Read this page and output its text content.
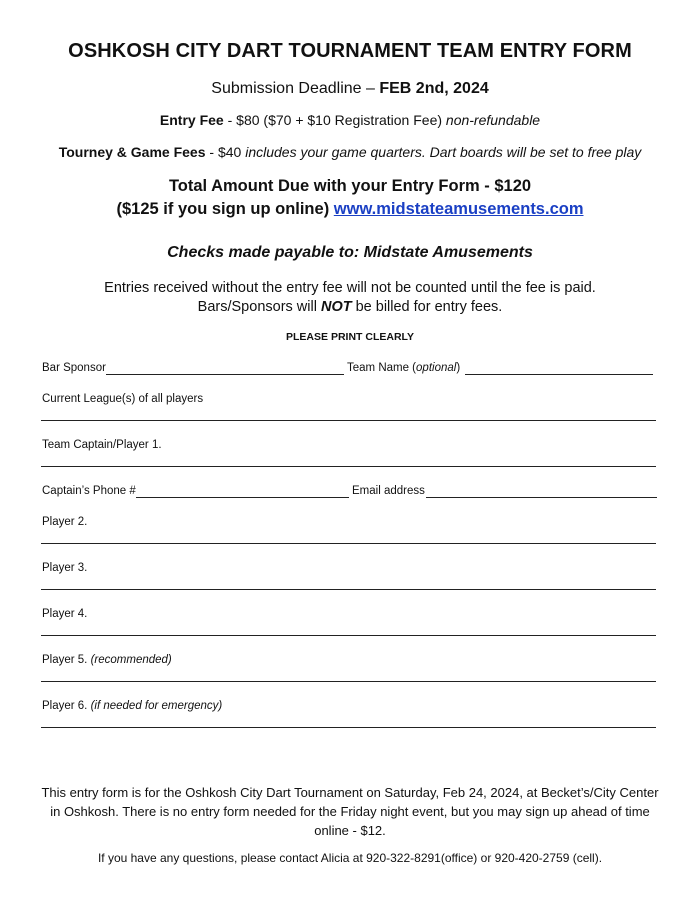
OSHKOSH CITY DART TOURNAMENT TEAM ENTRY FORM
Submission Deadline – FEB 2nd, 2024
Entry Fee - $80 ($70 + $10 Registration Fee) non-refundable
Tourney & Game Fees - $40 includes your game quarters. Dart boards will be set to free play
Total Amount Due with your Entry Form - $120
($125 if you sign up online) www.midstateamusements.com
Checks made payable to: Midstate Amusements
Entries received without the entry fee will not be counted until the fee is paid.
Bars/Sponsors will NOT be billed for entry fees.
PLEASE PRINT CLEARLY
Bar Sponsor	Team Name (optional)
Current League(s) of all players
Team Captain/Player 1.
Captain’s Phone #	Email address
Player 2.
Player 3.
Player 4.
Player 5. (recommended)
Player 6. (if needed for emergency)
This entry form is for the Oshkosh City Dart Tournament on Saturday, Feb 24, 2024, at Becket’s/City Center in Oshkosh. There is no entry form needed for the Friday night event, but you may sign up ahead of time online - $12.
If you have any questions, please contact Alicia at 920-322-8291(office) or 920-420-2759 (cell).
